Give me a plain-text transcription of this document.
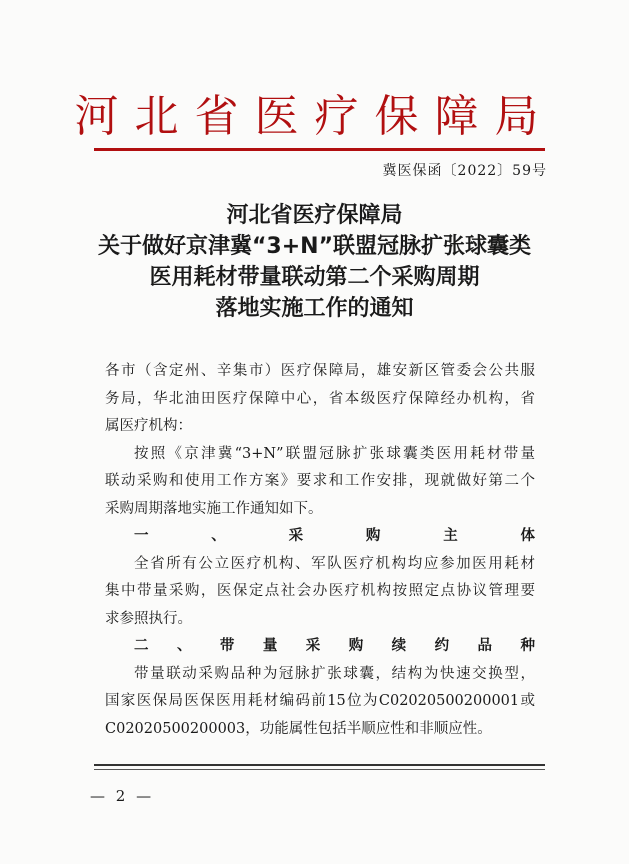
河北省医疗保障局
冀医保函〔2022〕59号
河北省医疗保障局
关于做好京津冀“3+N”联盟冠脉扩张球囊类
医用耗材带量联动第二个采购周期
落地实施工作的通知

各市（含定州、辛集市）医疗保障局，雄安新区管委会公共服

务局，华北油田医疗保障中心，省本级医疗保障经办机构，省

属医疗机构：

按照《京津冀“3+N”联盟冠脉扩张球囊类医用耗材带量

联动采购和使用工作方案》要求和工作安排，现就做好第二个

采购周期落地实施工作通知如下。

一、采购主体

全省所有公立医疗机构、军队医疗机构均应参加医用耗材

集中带量采购，医保定点社会办医疗机构按照定点协议管理要

求参照执行。

二、带量采购续约品种

带量联动采购品种为冠脉扩张球囊，结构为快速交换型，

国家医保局医保医用耗材编码前15位为C02020500200001或

C02020500200003，功能属性包括半顺应性和非顺应性。

— 2 —
